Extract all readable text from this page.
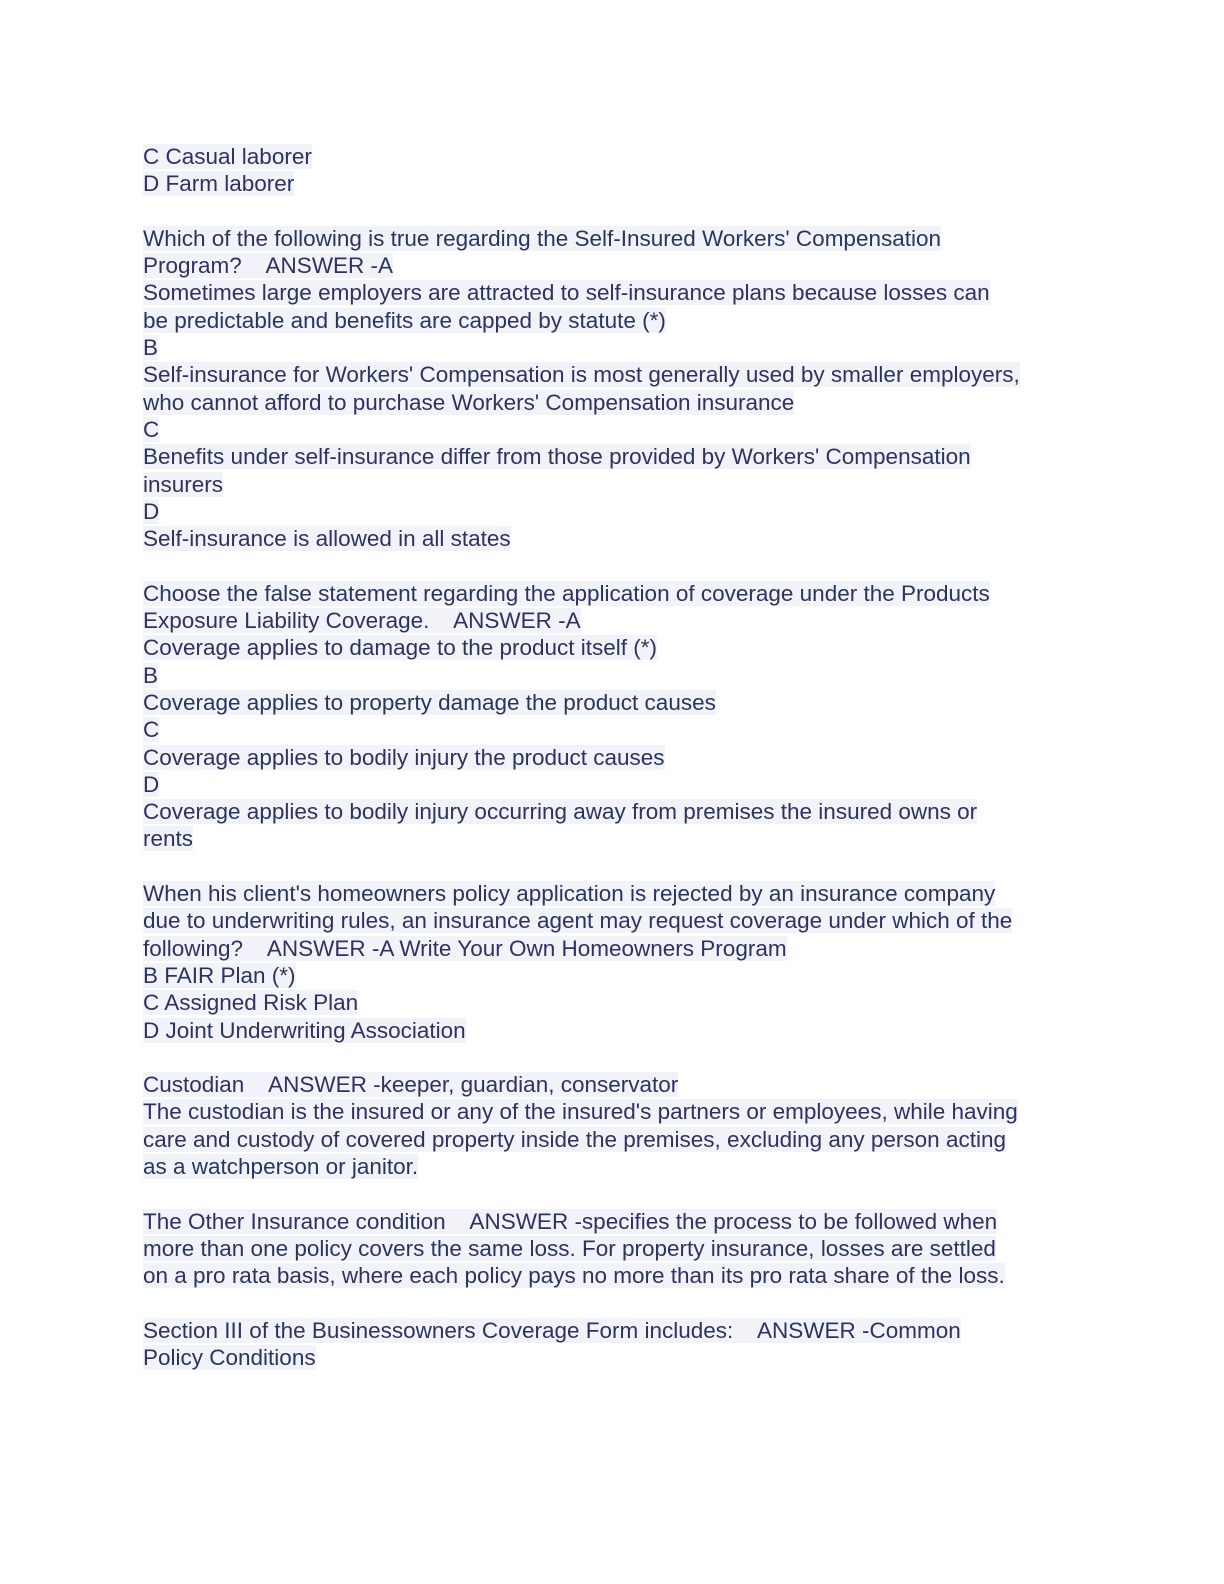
C Casual laborer
D Farm laborer
Which of the following is true regarding the Self-Insured Workers' Compensation
Program?    ANSWER -A
Sometimes large employers are attracted to self-insurance plans because losses can
be predictable and benefits are capped by statute (*)
B
Self-insurance for Workers' Compensation is most generally used by smaller employers,
who cannot afford to purchase Workers' Compensation insurance
C
Benefits under self-insurance differ from those provided by Workers' Compensation
insurers
D
Self-insurance is allowed in all states
Choose the false statement regarding the application of coverage under the Products
Exposure Liability Coverage.    ANSWER -A
Coverage applies to damage to the product itself (*)
B
Coverage applies to property damage the product causes
C
Coverage applies to bodily injury the product causes
D
Coverage applies to bodily injury occurring away from premises the insured owns or
rents
When his client's homeowners policy application is rejected by an insurance company
due to underwriting rules, an insurance agent may request coverage under which of the
following?    ANSWER -A Write Your Own Homeowners Program
B FAIR Plan (*)
C Assigned Risk Plan
D Joint Underwriting Association
Custodian    ANSWER -keeper, guardian, conservator
The custodian is the insured or any of the insured's partners or employees, while having
care and custody of covered property inside the premises, excluding any person acting
as a watchperson or janitor.
The Other Insurance condition    ANSWER -specifies the process to be followed when
more than one policy covers the same loss. For property insurance, losses are settled
on a pro rata basis, where each policy pays no more than its pro rata share of the loss.
Section III of the Businessowners Coverage Form includes:    ANSWER -Common
Policy Conditions
